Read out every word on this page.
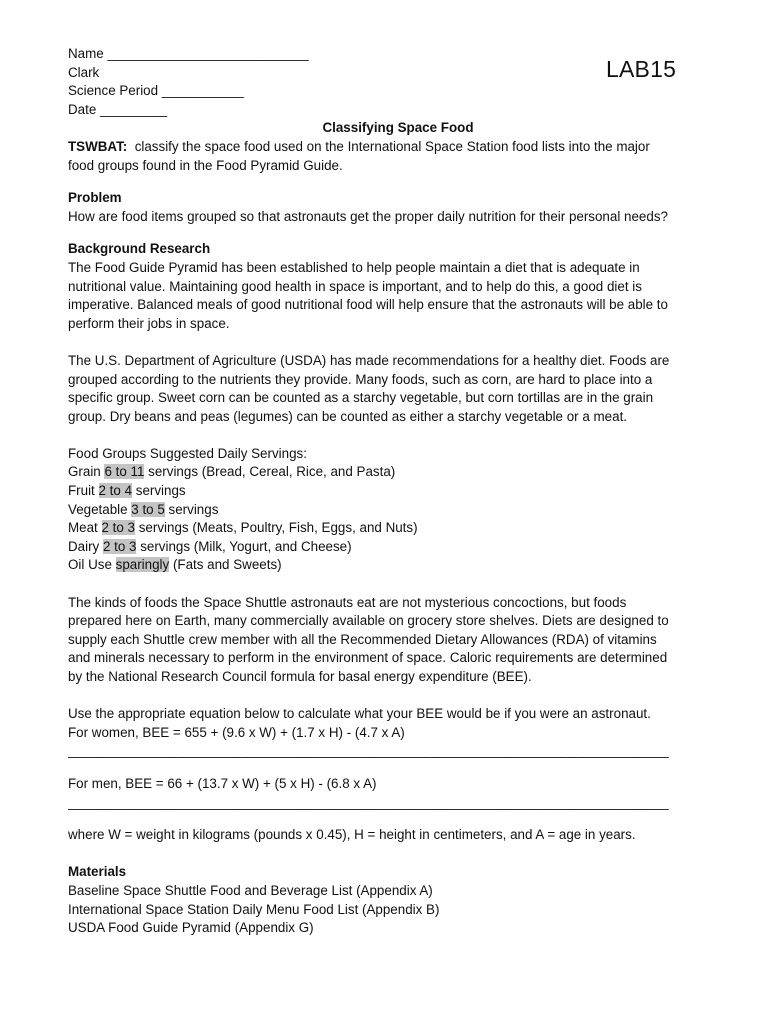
LAB15
Name ___________________________
Clark
Science Period ___________
Date _________
Classifying Space Food
TSWBAT:  classify the space food used on the International Space Station food lists into the major
food groups found in the Food Pyramid Guide.
Problem
How are food items grouped so that astronauts get the proper daily nutrition for their personal needs?
Background Research
The Food Guide Pyramid has been established to help people maintain a diet that is adequate in
nutritional value. Maintaining good health in space is important, and to help do this, a good diet is
imperative. Balanced meals of good nutritional food will help ensure that the astronauts will be able to
perform their jobs in space.
The U.S. Department of Agriculture (USDA) has made recommendations for a healthy diet. Foods are
grouped according to the nutrients they provide. Many foods, such as corn, are hard to place into a
specific group. Sweet corn can be counted as a starchy vegetable, but corn tortillas are in the grain
group. Dry beans and peas (legumes) can be counted as either a starchy vegetable or a meat.
Food Groups Suggested Daily Servings:
Grain 6 to 11 servings (Bread, Cereal, Rice, and Pasta)
Fruit 2 to 4 servings
Vegetable 3 to 5 servings
Meat 2 to 3 servings (Meats, Poultry, Fish, Eggs, and Nuts)
Dairy 2 to 3 servings (Milk, Yogurt, and Cheese)
Oil Use sparingly (Fats and Sweets)
The kinds of foods the Space Shuttle astronauts eat are not mysterious concoctions, but foods
prepared here on Earth, many commercially available on grocery store shelves. Diets are designed to
supply each Shuttle crew member with all the Recommended Dietary Allowances (RDA) of vitamins
and minerals necessary to perform in the environment of space. Caloric requirements are determined
by the National Research Council formula for basal energy expenditure (BEE).
Use the appropriate equation below to calculate what your BEE would be if you were an astronaut.
For women, BEE = 655 + (9.6 x W) + (1.7 x H) - (4.7 x A)
____________________________________________________________________________________
For men, BEE = 66 + (13.7 x W) + (5 x H) - (6.8 x A)
____________________________________________________________________________________
where W = weight in kilograms (pounds x 0.45), H = height in centimeters, and A = age in years.
Materials
Baseline Space Shuttle Food and Beverage List (Appendix A)
International Space Station Daily Menu Food List (Appendix B)
USDA Food Guide Pyramid (Appendix G)
